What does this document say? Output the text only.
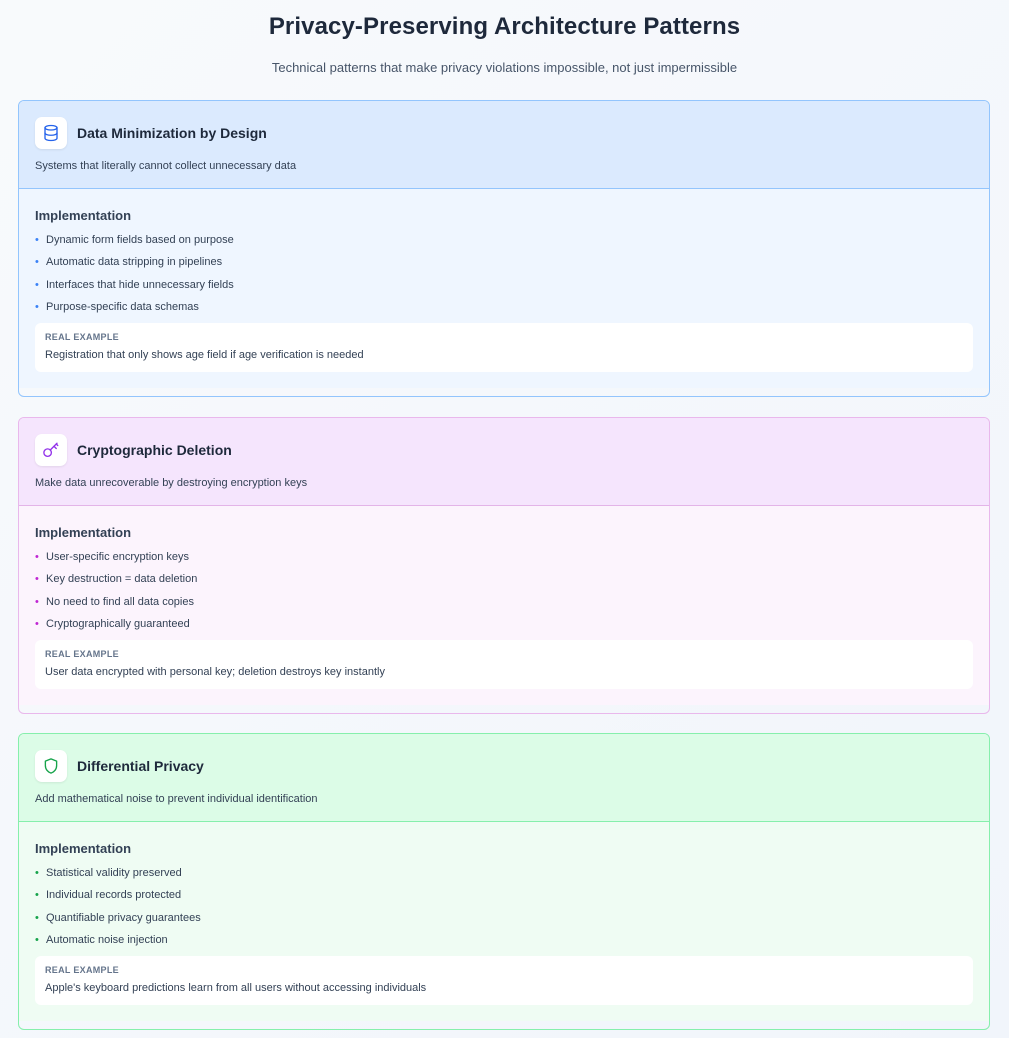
Privacy-Preserving Architecture Patterns

Technical patterns that make privacy violations impossible, not just impermissible

Data Minimization by Design

Systems that literally cannot collect unnecessary data

Implementation
• Dynamic form fields based on purpose
• Automatic data stripping in pipelines
• Interfaces that hide unnecessary fields
• Purpose-specific data schemas
REAL EXAMPLE
Registration that only shows age field if age verification is needed
Cryptographic Deletion

Make data unrecoverable by destroying encryption keys

Implementation
• User-specific encryption keys
• Key destruction = data deletion
• No need to find all data copies
• Cryptographically guaranteed
REAL EXAMPLE
User data encrypted with personal key; deletion destroys key instantly
Differential Privacy

Add mathematical noise to prevent individual identification

Implementation
• Statistical validity preserved
• Individual records protected
• Quantifiable privacy guarantees
• Automatic noise injection
REAL EXAMPLE
Apple's keyboard predictions learn from all users without accessing individuals
